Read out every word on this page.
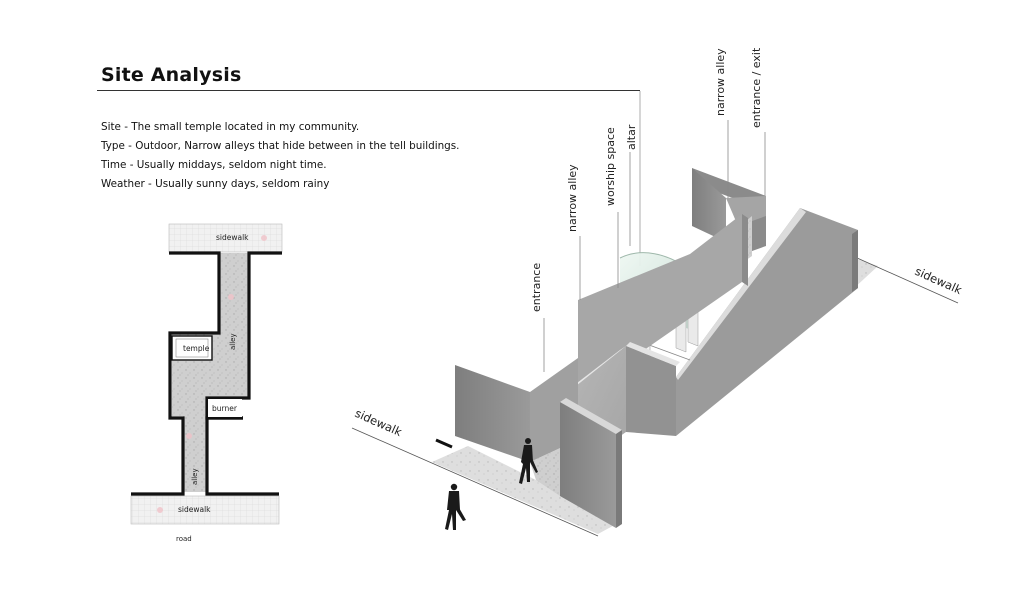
Site Analysis
Site - The small temple located in my community.
Type - Outdoor, Narrow alleys that hide between in the tell buildings.
Time - Usually middays, seldom night time.
Weather - Usually sunny days, seldom rainy
sidewalk
alley
temple
burner
alley
sidewalk
road
entrance
narrow alley worship space altar
narrow alley entrance / exit
sidewalk
sidewalk
